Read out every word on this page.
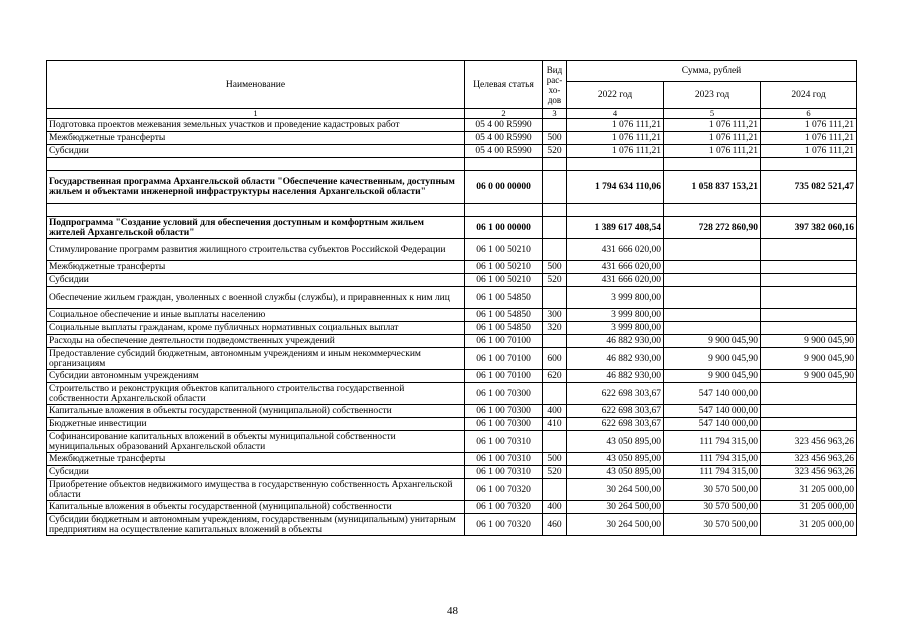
Наименование	Целевая статья	Вид рас-хо-дов	Сумма, рублей		
			2022 год	2023 год	2024 год
1	2	3	4	5	6
Подготовка проектов межевания земельных участков и проведение кадастровых работ	05 4 00 R5990		1 076 111,21	1 076 111,21	1 076 111,21
Межбюджетные трансферты	05 4 00 R5990	500	1 076 111,21	1 076 111,21	1 076 111,21
Субсидии	05 4 00 R5990	520	1 076 111,21	1 076 111,21	1 076 111,21

Государственная программа Архангельской области "Обеспечение качественным, доступным жильем и объектами инженерной инфраструктуры населения Архангельской области"	06 0 00 00000		1 794 634 110,06	1 058 837 153,21	735 082 521,47

Подпрограмма "Создание условий для обеспечения доступным и комфортным жильем жителей Архангельской области"	06 1 00 00000		1 389 617 408,54	728 272 860,90	397 382 060,16
Стимулирование программ развития жилищного строительства субъектов Российской Федерации	06 1 00 50210		431 666 020,00		
Межбюджетные трансферты	06 1 00 50210	500	431 666 020,00		
Субсидии	06 1 00 50210	520	431 666 020,00		
Обеспечение жильем граждан, уволенных с военной службы (службы), и приравненных к ним лиц	06 1 00 54850		3 999 800,00		
Социальное обеспечение и иные выплаты населению	06 1 00 54850	300	3 999 800,00		
Социальные выплаты гражданам, кроме публичных нормативных социальных выплат	06 1 00 54850	320	3 999 800,00		
Расходы на обеспечение деятельности подведомственных учреждений	06 1 00 70100		46 882 930,00	9 900 045,90	9 900 045,90
Предоставление субсидий бюджетным, автономным учреждениям и иным некоммерческим организациям	06 1 00 70100	600	46 882 930,00	9 900 045,90	9 900 045,90
Субсидии автономным учреждениям	06 1 00 70100	620	46 882 930,00	9 900 045,90	9 900 045,90
Строительство и реконструкция объектов капитального строительства государственной собственности Архангельской области	06 1 00 70300		622 698 303,67	547 140 000,00	
Капитальные вложения в объекты государственной (муниципальной) собственности	06 1 00 70300	400	622 698 303,67	547 140 000,00	
Бюджетные инвестиции	06 1 00 70300	410	622 698 303,67	547 140 000,00	
Софинансирование капитальных вложений в объекты муниципальной собственности муниципальных образований Архангельской области	06 1 00 70310		43 050 895,00	111 794 315,00	323 456 963,26
Межбюджетные трансферты	06 1 00 70310	500	43 050 895,00	111 794 315,00	323 456 963,26
Субсидии	06 1 00 70310	520	43 050 895,00	111 794 315,00	323 456 963,26
Приобретение объектов недвижимого имущества в государственную собственность Архангельской области	06 1 00 70320		30 264 500,00	30 570 500,00	31 205 000,00
Капитальные вложения в объекты государственной (муниципальной) собственности	06 1 00 70320	400	30 264 500,00	30 570 500,00	31 205 000,00
Субсидии бюджетным и автономным учреждениям, государственным (муниципальным) унитарным предприятиям на осуществление капитальных вложений в объекты	06 1 00 70320	460	30 264 500,00	30 570 500,00	31 205 000,00
48
